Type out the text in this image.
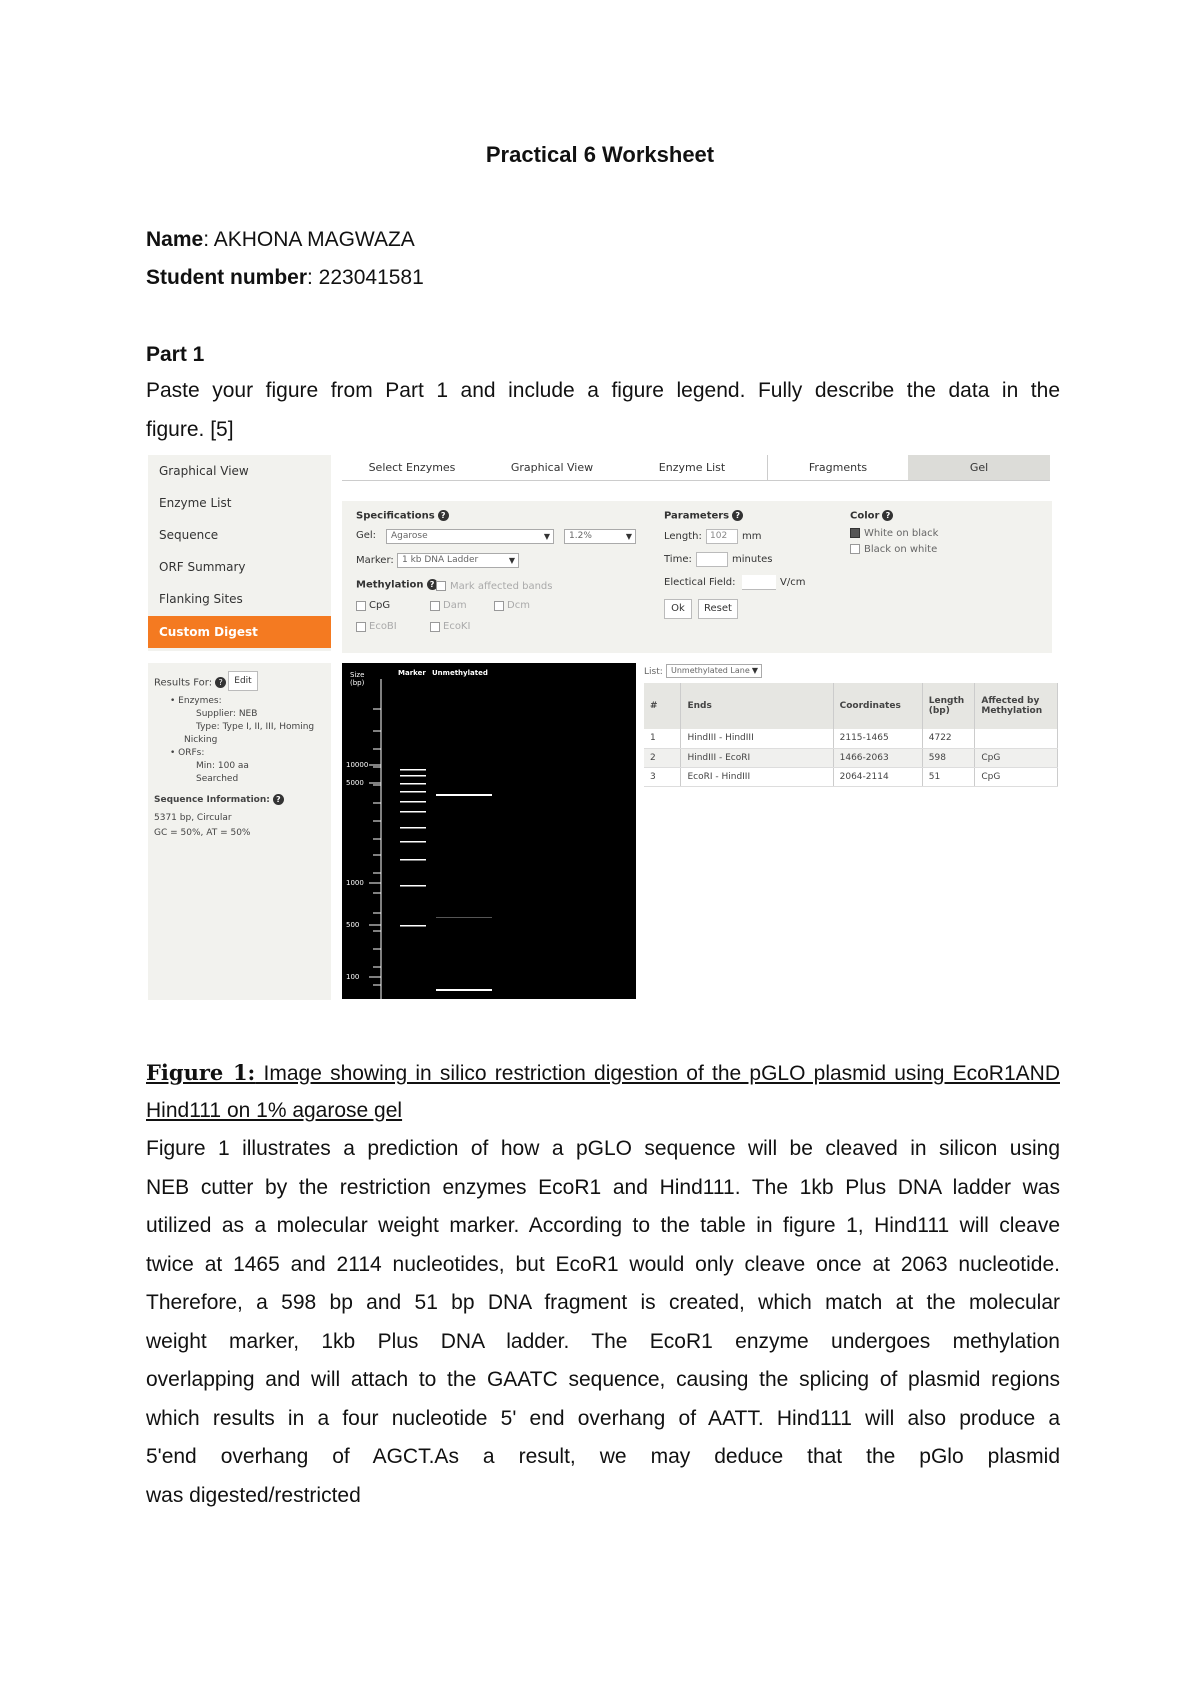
Practical 6 Worksheet
Name: AKHONA MAGWAZA
Student number: 223041581
Part 1
Paste your figure from Part 1 and include a figure legend. Fully describe the data in the
figure. [5]
Graphical View
Enzyme List
Sequence
ORF Summary
Flanking Sites
Custom Digest
Select Enzymes	Graphical View	Enzyme List	Fragments	Gel
Specifications ?
Gel:	Agarose	▼	1.2%	▼
Marker: 1 kb DNA Ladder	▼
Methylation ?	Mark affected bands
CpG	Dam	Dcm
EcoBI	EcoKI
Parameters ?
Length: 102	mm
Time:	minutes
Electical Field:	V/cm
Ok	Reset
Color ?
White on black
Black on white
Results For: ?	Edit
• Enzymes:
Supplier: NEB
Type: Type I, II, III, Homing
Nicking
• ORFs:
Min: 100 aa
Searched
Sequence Information: ?
5371 bp, Circular
GC = 50%, AT = 50%
Size (bp)
Marker Unmethylated
10000
5000
1000
500
100
List:	Unmethylated Lane ▼
#	Ends	Coordinates	Length (bp)	Affected by Methylation
1	HindIII - HindIII	2115-1465	4722	
2	HindIII - EcoRI	1466-2063	598	CpG
3	EcoRI - HindIII	2064-2114	51	CpG
Figure 1: Image showing in silico restriction digestion of the pGLO plasmid using EcoR1AND
Hind111 on 1% agarose gel
Figure 1 illustrates a prediction of how a pGLO sequence will be cleaved in silicon using
NEB cutter by the restriction enzymes EcoR1 and Hind111. The 1kb Plus DNA ladder was
utilized as a molecular weight marker. According to the table in figure 1, Hind111 will cleave
twice at 1465 and 2114 nucleotides, but EcoR1 would only cleave once at 2063 nucleotide.
Therefore, a 598 bp and 51 bp DNA fragment is created, which match at the molecular
weight marker, 1kb Plus DNA ladder. The EcoR1 enzyme undergoes methylation
overlapping and will attach to the GAATC sequence, causing the splicing of plasmid regions
which results in a four nucleotide 5' end overhang of AATT. Hind111 will also produce a
5'end overhang of AGCT.As a result, we may deduce that the pGlo plasmid
was digested/restricted
